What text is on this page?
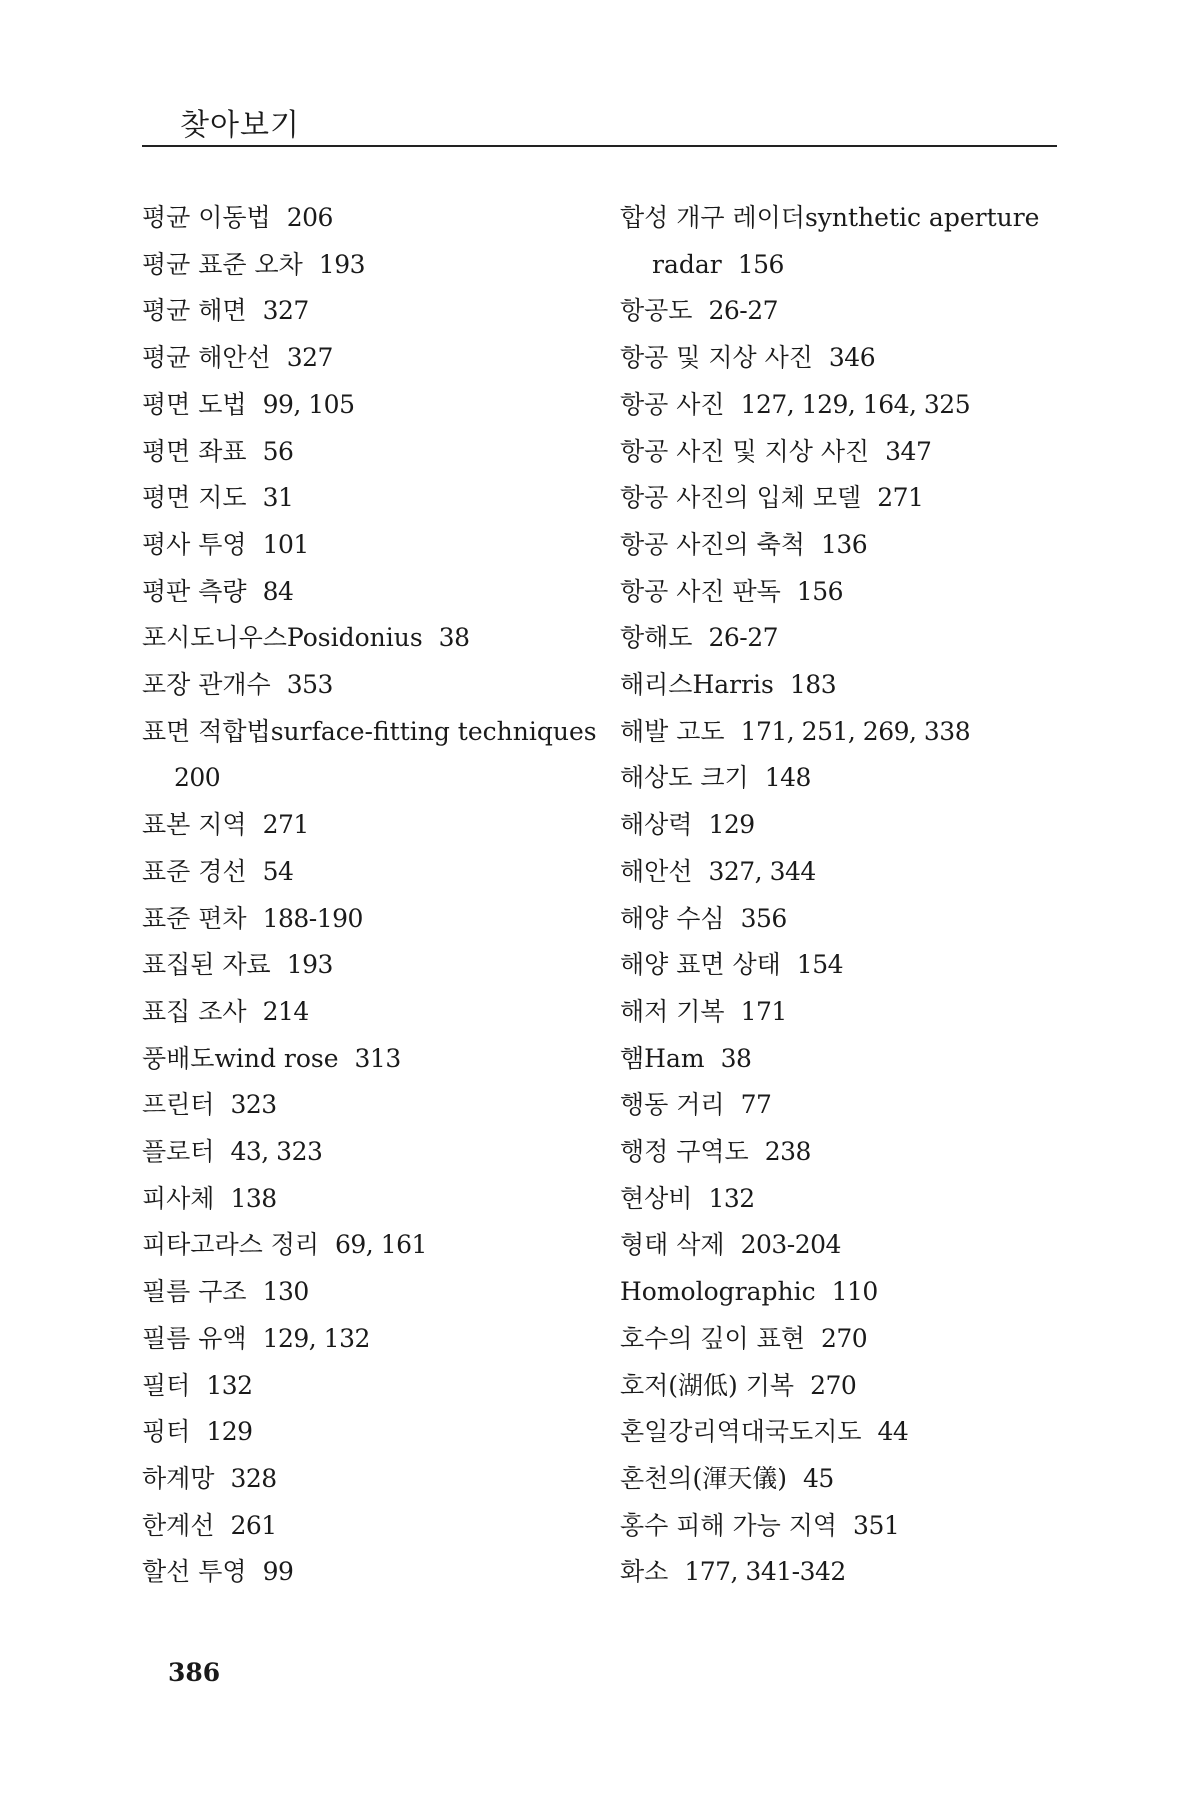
찾아보기
평균 이동법 206
평균 표준 오차 193
평균 해면 327
평균 해안선 327
평면 도법 99, 105
평면 좌표 56
평면 지도 31
평사 투영 101
평판 측량 84
포시도니우스Posidonius 38
포장 관개수 353
표면 적합법surface-fitting techniques
200
표본 지역 271
표준 경선 54
표준 편차 188-190
표집된 자료 193
표집 조사 214
풍배도wind rose 313
프린터 323
플로터 43, 323
피사체 138
피타고라스 정리 69, 161
필름 구조 130
필름 유액 129, 132
필터 132
핑터 129
하계망 328
한계선 261
할선 투영 99
합성 개구 레이더synthetic aperture
radar 156
항공도 26-27
항공 및 지상 사진 346
항공 사진 127, 129, 164, 325
항공 사진 및 지상 사진 347
항공 사진의 입체 모델 271
항공 사진의 축척 136
항공 사진 판독 156
항해도 26-27
해리스Harris 183
해발 고도 171, 251, 269, 338
해상도 크기 148
해상력 129
해안선 327, 344
해양 수심 356
해양 표면 상태 154
해저 기복 171
햄Ham 38
행동 거리 77
행정 구역도 238
현상비 132
형태 삭제 203-204
Homolographic 110
호수의 깊이 표현 270
호저(湖低) 기복 270
혼일강리역대국도지도 44
혼천의(渾天儀) 45
홍수 피해 가능 지역 351
화소 177, 341-342
386
